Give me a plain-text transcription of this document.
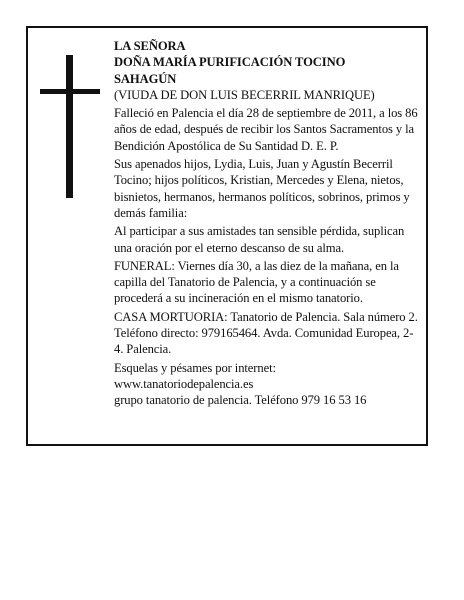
LA SEÑORA
DOÑA MARÍA PURIFICACIÓN TOCINO
SAHAGÚN

(VIUDA DE DON LUIS BECERRIL MANRIQUE)

Falleció en Palencia el día 28 de septiembre de 2011, a los 86 años de edad, después de recibir los Santos Sacramentos y la Bendición Apostólica de Su Santidad D. E. P.

Sus apenados hijos, Lydia, Luis, Juan y Agustín Becerril Tocino; hijos políticos, Kristian, Mercedes y Elena, nietos, bisnietos, hermanos, hermanos políticos, sobrinos, primos y demás familia:

Al participar a sus amistades tan sensible pérdida, suplican una oración por el eterno descanso de su alma.

FUNERAL: Viernes día 30, a las diez de la mañana, en la capilla del Tanatorio de Palencia, y a continuación se procederá a su incineración en el mismo tanatorio.

CASA MORTUORIA: Tanatorio de Palencia. Sala número 2. Teléfono directo: 979165464. Avda. Comunidad Europea, 2-4. Palencia.

Esquelas y pésames por internet:
www.tanatoriodepalencia.es
grupo tanatorio de palencia. Teléfono 979 16 53 16
